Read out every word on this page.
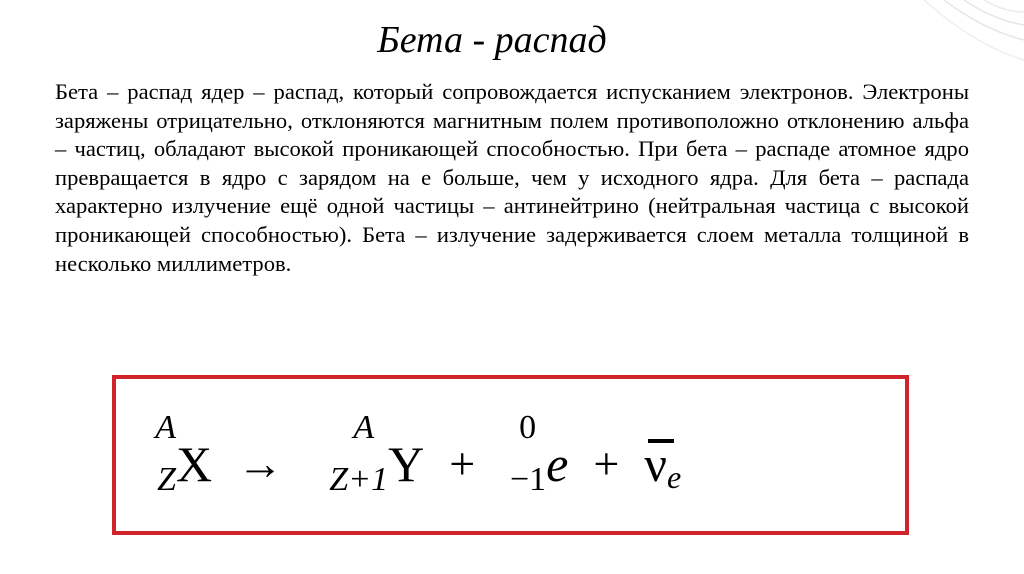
Бета - распад

Бета – распад ядер – распад, который сопровождается испусканием электронов. Электроны заряжены отрицательно, отклоняются магнитным полем противоположно отклонению альфа – частиц, обладают высокой проникающей способностью. При бета – распаде атомное ядро превращается в ядро с зарядом на е больше, чем у исходного ядра. Для бета – распада характерно излучение ещё одной частицы – антинейтрино (нейтральная частица с высокой проникающей способностью). Бета – излучение задерживается слоем металла толщиной в несколько миллиметров.

A
Z X →
A
Z+1 Y +
0
−1 e + νe
